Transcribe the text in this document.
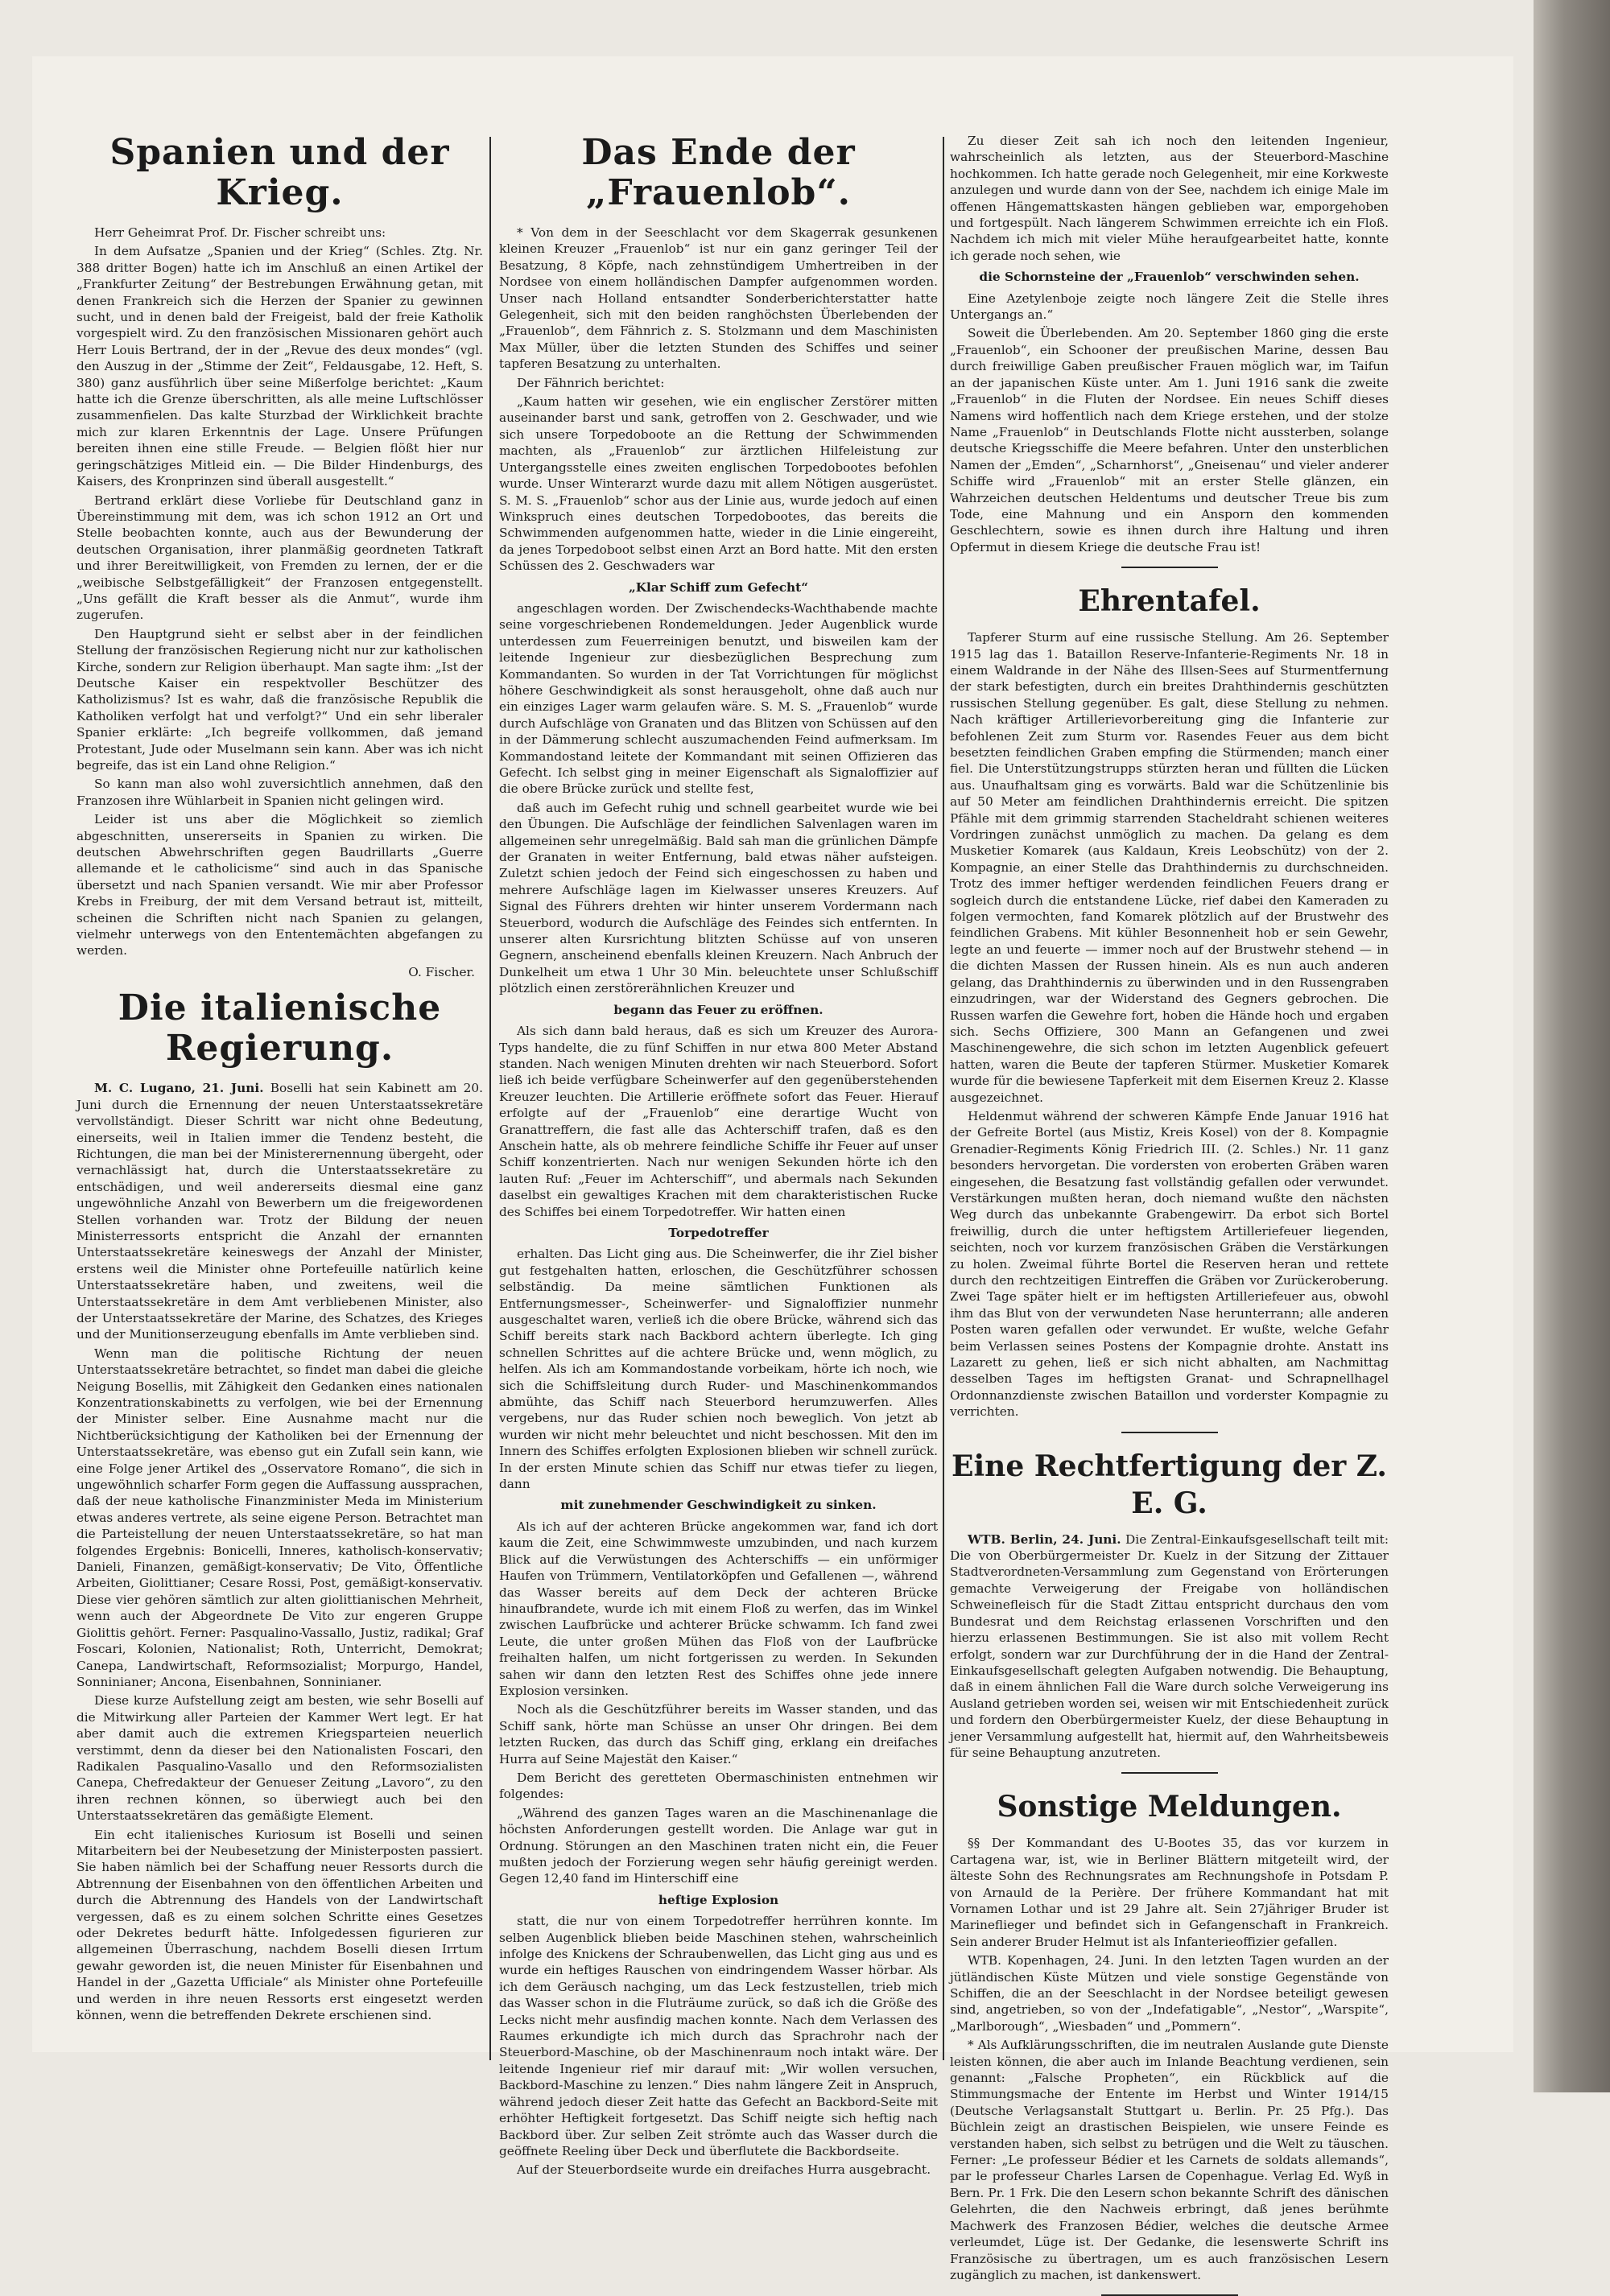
Spanien und der Krieg.

Herr Geheimrat Prof. Dr. Fischer schreibt uns:

In dem Aufsatze „Spanien und der Krieg“ (Schles. Ztg. Nr. 388 dritter Bogen) hatte ich im Anschluß an einen Artikel der „Frankfurter Zeitung“ der Bestrebungen Erwähnung getan, mit denen Frankreich sich die Herzen der Spanier zu gewinnen sucht, und in denen bald der Freigeist, bald der freie Katholik vorgespielt wird. Zu den französischen Missionaren gehört auch Herr Louis Bertrand, der in der „Revue des deux mondes“ (vgl. den Auszug in der „Stimme der Zeit“, Feldausgabe, 12. Heft, S. 380) ganz ausführlich über seine Mißerfolge berichtet: „Kaum hatte ich die Grenze überschritten, als alle meine Luftschlösser zusammenfielen. Das kalte Sturzbad der Wirklichkeit brachte mich zur klaren Erkenntnis der Lage. Unsere Prüfungen bereiten ihnen eine stille Freude. — Belgien flößt hier nur geringschätziges Mitleid ein. — Die Bilder Hindenburgs, des Kaisers, des Kronprinzen sind überall ausgestellt.“

Bertrand erklärt diese Vorliebe für Deutschland ganz in Übereinstimmung mit dem, was ich schon 1912 an Ort und Stelle beobachten konnte, auch aus der Bewunderung der deutschen Organisation, ihrer planmäßig geordneten Tatkraft und ihrer Bereitwilligkeit, von Fremden zu lernen, der er die „weibische Selbstgefälligkeit“ der Franzosen entgegenstellt. „Uns gefällt die Kraft besser als die Anmut“, wurde ihm zugerufen.

Den Hauptgrund sieht er selbst aber in der feindlichen Stellung der französischen Regierung nicht nur zur katholischen Kirche, sondern zur Religion überhaupt. Man sagte ihm: „Ist der Deutsche Kaiser ein respektvoller Beschützer des Katholizismus? Ist es wahr, daß die französische Republik die Katholiken verfolgt hat und verfolgt?“ Und ein sehr liberaler Spanier erklärte: „Ich begreife vollkommen, daß jemand Protestant, Jude oder Muselmann sein kann. Aber was ich nicht begreife, das ist ein Land ohne Religion.“

So kann man also wohl zuversichtlich annehmen, daß den Franzosen ihre Wühlarbeit in Spanien nicht gelingen wird.

Leider ist uns aber die Möglichkeit so ziemlich abgeschnitten, unsererseits in Spanien zu wirken. Die deutschen Abwehrschriften gegen Baudrillarts „Guerre allemande et le catholicisme“ sind auch in das Spanische übersetzt und nach Spanien versandt. Wie mir aber Professor Krebs in Freiburg, der mit dem Versand betraut ist, mitteilt, scheinen die Schriften nicht nach Spanien zu gelangen, vielmehr unterwegs von den Ententemächten abgefangen zu werden.

O. Fischer.

Die italienische Regierung.

M. C. Lugano, 21. Juni. Boselli hat sein Kabinett am 20. Juni durch die Ernennung der neuen Unterstaatssekretäre vervollständigt. Dieser Schritt war nicht ohne Bedeutung, einerseits, weil in Italien immer die Tendenz besteht, die Richtungen, die man bei der Ministerernennung übergeht, oder vernachlässigt hat, durch die Unterstaatssekretäre zu entschädigen, und weil andererseits diesmal eine ganz ungewöhnliche Anzahl von Bewerbern um die freigewordenen Stellen vorhanden war. Trotz der Bildung der neuen Ministerressorts entspricht die Anzahl der ernannten Unterstaatssekretäre keineswegs der Anzahl der Minister, erstens weil die Minister ohne Portefeuille natürlich keine Unterstaatssekretäre haben, und zweitens, weil die Unterstaatssekretäre in dem Amt verbliebenen Minister, also der Unterstaatssekretäre der Marine, des Schatzes, des Krieges und der Munitionserzeugung ebenfalls im Amte verblieben sind.

Wenn man die politische Richtung der neuen Unterstaatssekretäre betrachtet, so findet man dabei die gleiche Neigung Bosellis, mit Zähigkeit den Gedanken eines nationalen Konzentrationskabinetts zu verfolgen, wie bei der Ernennung der Minister selber. Eine Ausnahme macht nur die Nichtberücksichtigung der Katholiken bei der Ernennung der Unterstaatssekretäre, was ebenso gut ein Zufall sein kann, wie eine Folge jener Artikel des „Osservatore Romano“, die sich in ungewöhnlich scharfer Form gegen die Auffassung aussprachen, daß der neue katholische Finanzminister Meda im Ministerium etwas anderes vertrete, als seine eigene Person. Betrachtet man die Parteistellung der neuen Unterstaatssekretäre, so hat man folgendes Ergebnis: Bonicelli, Inneres, katholisch-konservativ; Danieli, Finanzen, gemäßigt-konservativ; De Vito, Öffentliche Arbeiten, Giolittianer; Cesare Rossi, Post, gemäßigt-konservativ. Diese vier gehören sämtlich zur alten giolittianischen Mehrheit, wenn auch der Abgeordnete De Vito zur engeren Gruppe Giolittis gehört. Ferner: Pasqualino-Vassallo, Justiz, radikal; Graf Foscari, Kolonien, Nationalist; Roth, Unterricht, Demokrat; Canepa, Landwirtschaft, Reformsozialist; Morpurgo, Handel, Sonninianer; Ancona, Eisenbahnen, Sonninianer.

Diese kurze Aufstellung zeigt am besten, wie sehr Boselli auf die Mitwirkung aller Parteien der Kammer Wert legt. Er hat aber damit auch die extremen Kriegsparteien neuerlich verstimmt, denn da dieser bei den Nationalisten Foscari, den Radikalen Pasqualino-Vasallo und den Reformsozialisten Canepa, Chefredakteur der Genueser Zeitung „Lavoro“, zu den ihren rechnen können, so überwiegt auch bei den Unterstaatssekretären das gemäßigte Element.

Ein echt italienisches Kuriosum ist Boselli und seinen Mitarbeitern bei der Neubesetzung der Ministerposten passiert. Sie haben nämlich bei der Schaffung neuer Ressorts durch die Abtrennung der Eisenbahnen von den öffentlichen Arbeiten und durch die Abtrennung des Handels von der Landwirtschaft vergessen, daß es zu einem solchen Schritte eines Gesetzes oder Dekretes bedurft hätte. Infolgedessen figurieren zur allgemeinen Überraschung, nachdem Boselli diesen Irrtum gewahr geworden ist, die neuen Minister für Eisenbahnen und Handel in der „Gazetta Ufficiale“ als Minister ohne Portefeuille und werden in ihre neuen Ressorts erst eingesetzt werden können, wenn die betreffenden Dekrete erschienen sind.

Das Ende der „Frauenlob“.

* Von dem in der Seeschlacht vor dem Skagerrak gesunkenen kleinen Kreuzer „Frauenlob“ ist nur ein ganz geringer Teil der Besatzung, 8 Köpfe, nach zehnstündigem Umhertreiben in der Nordsee von einem holländischen Dampfer aufgenommen worden. Unser nach Holland entsandter Sonderberichterstatter hatte Gelegenheit, sich mit den beiden ranghöchsten Überlebenden der „Frauenlob“, dem Fähnrich z. S. Stolzmann und dem Maschinisten Max Müller, über die letzten Stunden des Schiffes und seiner tapferen Besatzung zu unterhalten.

Der Fähnrich berichtet:

„Kaum hatten wir gesehen, wie ein englischer Zerstörer mitten auseinander barst und sank, getroffen von 2. Geschwader, und wie sich unsere Torpedoboote an die Rettung der Schwimmenden machten, als „Frauenlob“ zur ärztlichen Hilfeleistung zur Untergangsstelle eines zweiten englischen Torpedobootes befohlen wurde. Unser Winterarzt wurde dazu mit allem Nötigen ausgerüstet. S. M. S. „Frauenlob“ schor aus der Linie aus, wurde jedoch auf einen Winkspruch eines deutschen Torpedobootes, das bereits die Schwimmenden aufgenommen hatte, wieder in die Linie eingereiht, da jenes Torpedoboot selbst einen Arzt an Bord hatte. Mit den ersten Schüssen des 2. Geschwaders war

„Klar Schiff zum Gefecht“

angeschlagen worden. Der Zwischendecks-Wachthabende machte seine vorgeschriebenen Rondemeldungen. Jeder Augenblick wurde unterdessen zum Feuerreinigen benutzt, und bisweilen kam der leitende Ingenieur zur diesbezüglichen Besprechung zum Kommandanten. So wurden in der Tat Vorrichtungen für möglichst höhere Geschwindigkeit als sonst herausgeholt, ohne daß auch nur ein einziges Lager warm gelaufen wäre. S. M. S. „Frauenlob“ wurde durch Aufschläge von Granaten und das Blitzen von Schüssen auf den in der Dämmerung schlecht auszumachenden Feind aufmerksam. Im Kommandostand leitete der Kommandant mit seinen Offizieren das Gefecht. Ich selbst ging in meiner Eigenschaft als Signaloffizier auf die obere Brücke zurück und stellte fest,

daß auch im Gefecht ruhig und schnell gearbeitet wurde wie bei den Übungen. Die Aufschläge der feindlichen Salvenlagen waren im allgemeinen sehr unregelmäßig. Bald sah man die grünlichen Dämpfe der Granaten in weiter Entfernung, bald etwas näher aufsteigen. Zuletzt schien jedoch der Feind sich eingeschossen zu haben und mehrere Aufschläge lagen im Kielwasser unseres Kreuzers. Auf Signal des Führers drehten wir hinter unserem Vordermann nach Steuerbord, wodurch die Aufschläge des Feindes sich entfernten. In unserer alten Kursrichtung blitzten Schüsse auf von unseren Gegnern, anscheinend ebenfalls kleinen Kreuzern. Nach Anbruch der Dunkelheit um etwa 1 Uhr 30 Min. beleuchtete unser Schlußschiff plötzlich einen zerstörerähnlichen Kreuzer und

begann das Feuer zu eröffnen.

Als sich dann bald heraus, daß es sich um Kreuzer des Aurora-Typs handelte, die zu fünf Schiffen in nur etwa 800 Meter Abstand standen. Nach wenigen Minuten drehten wir nach Steuerbord. Sofort ließ ich beide verfügbare Scheinwerfer auf den gegenüberstehenden Kreuzer leuchten. Die Artillerie eröffnete sofort das Feuer. Hierauf erfolgte auf der „Frauenlob“ eine derartige Wucht von Granattreffern, die fast alle das Achterschiff trafen, daß es den Anschein hatte, als ob mehrere feindliche Schiffe ihr Feuer auf unser Schiff konzentrierten. Nach nur wenigen Sekunden hörte ich den lauten Ruf: „Feuer im Achterschiff“, und abermals nach Sekunden daselbst ein gewaltiges Krachen mit dem charakteristischen Rucke des Schiffes bei einem Torpedotreffer. Wir hatten einen

Torpedotreffer

erhalten. Das Licht ging aus. Die Scheinwerfer, die ihr Ziel bisher gut festgehalten hatten, erloschen, die Geschützführer schossen selbständig. Da meine sämtlichen Funktionen als Entfernungsmesser-, Scheinwerfer- und Signaloffizier nunmehr ausgeschaltet waren, verließ ich die obere Brücke, während sich das Schiff bereits stark nach Backbord achtern überlegte. Ich ging schnellen Schrittes auf die achtere Brücke und, wenn möglich, zu helfen. Als ich am Kommandostande vorbeikam, hörte ich noch, wie sich die Schiffsleitung durch Ruder- und Maschinenkommandos abmühte, das Schiff nach Steuerbord herumzuwerfen. Alles vergebens, nur das Ruder schien noch beweglich. Von jetzt ab wurden wir nicht mehr beleuchtet und nicht beschossen. Mit den im Innern des Schiffes erfolgten Explosionen blieben wir schnell zurück. In der ersten Minute schien das Schiff nur etwas tiefer zu liegen, dann

mit zunehmender Geschwindigkeit zu sinken.

Als ich auf der achteren Brücke angekommen war, fand ich dort kaum die Zeit, eine Schwimmweste umzubinden, und nach kurzem Blick auf die Verwüstungen des Achterschiffs — ein unförmiger Haufen von Trümmern, Ventilatorköpfen und Gefallenen —, während das Wasser bereits auf dem Deck der achteren Brücke hinaufbrandete, wurde ich mit einem Floß zu werfen, das im Winkel zwischen Laufbrücke und achterer Brücke schwamm. Ich fand zwei Leute, die unter großen Mühen das Floß von der Laufbrücke freihalten halfen, um nicht fortgerissen zu werden. In Sekunden sahen wir dann den letzten Rest des Schiffes ohne jede innere Explosion versinken.

Noch als die Geschützführer bereits im Wasser standen, und das Schiff sank, hörte man Schüsse an unser Ohr dringen. Bei dem letzten Rucken, das durch das Schiff ging, erklang ein dreifaches Hurra auf Seine Majestät den Kaiser.“

Dem Bericht des geretteten Obermaschinisten entnehmen wir folgendes:

„Während des ganzen Tages waren an die Maschinenanlage die höchsten Anforderungen gestellt worden. Die Anlage war gut in Ordnung. Störungen an den Maschinen traten nicht ein, die Feuer mußten jedoch der Forzierung wegen sehr häufig gereinigt werden. Gegen 12,40 fand im Hinterschiff eine

heftige Explosion

statt, die nur von einem Torpedotreffer herrühren konnte. Im selben Augenblick blieben beide Maschinen stehen, wahrscheinlich infolge des Knickens der Schraubenwellen, das Licht ging aus und es wurde ein heftiges Rauschen von eindringendem Wasser hörbar. Als ich dem Geräusch nachging, um das Leck festzustellen, trieb mich das Wasser schon in die Fluträume zurück, so daß ich die Größe des Lecks nicht mehr ausfindig machen konnte. Nach dem Verlassen des Raumes erkundigte ich mich durch das Sprachrohr nach der Steuerbord-Maschine, ob der Maschinenraum noch intakt wäre. Der leitende Ingenieur rief mir darauf mit: „Wir wollen versuchen, Backbord-Maschine zu lenzen.“ Dies nahm längere Zeit in Anspruch, während jedoch dieser Zeit hatte das Gefecht an Backbord-Seite mit erhöhter Heftigkeit fortgesetzt. Das Schiff neigte sich heftig nach Backbord über. Zur selben Zeit strömte auch das Wasser durch die geöffnete Reeling über Deck und überflutete die Backbordseite.

Auf der Steuerbordseite wurde ein dreifaches Hurra ausgebracht.

Zu dieser Zeit sah ich noch den leitenden Ingenieur, wahrscheinlich als letzten, aus der Steuerbord-Maschine hochkommen. Ich hatte gerade noch Gelegenheit, mir eine Korkweste anzulegen und wurde dann von der See, nachdem ich einige Male im offenen Hängemattskasten hängen geblieben war, emporgehoben und fortgespült. Nach längerem Schwimmen erreichte ich ein Floß. Nachdem ich mich mit vieler Mühe heraufgearbeitet hatte, konnte ich gerade noch sehen, wie

die Schornsteine der „Frauenlob“ verschwinden sehen.

Eine Azetylenboje zeigte noch längere Zeit die Stelle ihres Untergangs an.“

Soweit die Überlebenden. Am 20. September 1860 ging die erste „Frauenlob“, ein Schooner der preußischen Marine, dessen Bau durch freiwillige Gaben preußischer Frauen möglich war, im Taifun an der japanischen Küste unter. Am 1. Juni 1916 sank die zweite „Frauenlob“ in die Fluten der Nordsee. Ein neues Schiff dieses Namens wird hoffentlich nach dem Kriege erstehen, und der stolze Name „Frauenlob“ in Deutschlands Flotte nicht aussterben, solange deutsche Kriegsschiffe die Meere befahren. Unter den unsterblichen Namen der „Emden“, „Scharnhorst“, „Gneisenau“ und vieler anderer Schiffe wird „Frauenlob“ mit an erster Stelle glänzen, ein Wahrzeichen deutschen Heldentums und deutscher Treue bis zum Tode, eine Mahnung und ein Ansporn den kommenden Geschlechtern, sowie es ihnen durch ihre Haltung und ihren Opfermut in diesem Kriege die deutsche Frau ist!

Ehrentafel.

Tapferer Sturm auf eine russische Stellung. Am 26. September 1915 lag das 1. Bataillon Reserve-Infanterie-Regiments Nr. 18 in einem Waldrande in der Nähe des Illsen-Sees auf Sturmentfernung der stark befestigten, durch ein breites Drahthindernis geschützten russischen Stellung gegenüber. Es galt, diese Stellung zu nehmen. Nach kräftiger Artillerievorbereitung ging die Infanterie zur befohlenen Zeit zum Sturm vor. Rasendes Feuer aus dem bicht besetzten feindlichen Graben empfing die Stürmenden; manch einer fiel. Die Unterstützungstrupps stürzten heran und füllten die Lücken aus. Unaufhaltsam ging es vorwärts. Bald war die Schützenlinie bis auf 50 Meter am feindlichen Drahthindernis erreicht. Die spitzen Pfähle mit dem grimmig starrenden Stacheldraht schienen weiteres Vordringen zunächst unmöglich zu machen. Da gelang es dem Musketier Komarek (aus Kaldaun, Kreis Leobschütz) von der 2. Kompagnie, an einer Stelle das Drahthindernis zu durchschneiden. Trotz des immer heftiger werdenden feindlichen Feuers drang er sogleich durch die entstandene Lücke, rief dabei den Kameraden zu folgen vermochten, fand Komarek plötzlich auf der Brustwehr des feindlichen Grabens. Mit kühler Besonnenheit hob er sein Gewehr, legte an und feuerte — immer noch auf der Brustwehr stehend — in die dichten Massen der Russen hinein. Als es nun auch anderen gelang, das Drahthindernis zu überwinden und in den Russengraben einzudringen, war der Widerstand des Gegners gebrochen. Die Russen warfen die Gewehre fort, hoben die Hände hoch und ergaben sich. Sechs Offiziere, 300 Mann an Gefangenen und zwei Maschinengewehre, die sich schon im letzten Augenblick gefeuert hatten, waren die Beute der tapferen Stürmer. Musketier Komarek wurde für die bewiesene Tapferkeit mit dem Eisernen Kreuz 2. Klasse ausgezeichnet.

Heldenmut während der schweren Kämpfe Ende Januar 1916 hat der Gefreite Bortel (aus Mistiz, Kreis Kosel) von der 8. Kompagnie Grenadier-Regiments König Friedrich III. (2. Schles.) Nr. 11 ganz besonders hervorgetan. Die vordersten von eroberten Gräben waren eingesehen, die Besatzung fast vollständig gefallen oder verwundet. Verstärkungen mußten heran, doch niemand wußte den nächsten Weg durch das unbekannte Grabengewirr. Da erbot sich Bortel freiwillig, durch die unter heftigstem Artilleriefeuer liegenden, seichten, noch vor kurzem französischen Gräben die Verstärkungen zu holen. Zweimal führte Bortel die Reserven heran und rettete durch den rechtzeitigen Eintreffen die Gräben vor Zurückeroberung. Zwei Tage später hielt er im heftigsten Artilleriefeuer aus, obwohl ihm das Blut von der verwundeten Nase herunterrann; alle anderen Posten waren gefallen oder verwundet. Er wußte, welche Gefahr beim Verlassen seines Postens der Kompagnie drohte. Anstatt ins Lazarett zu gehen, ließ er sich nicht abhalten, am Nachmittag desselben Tages im heftigsten Granat- und Schrapnellhagel Ordonnanzdienste zwischen Bataillon und vorderster Kompagnie zu verrichten.

Eine Rechtfertigung der Z. E. G.

WTB. Berlin, 24. Juni. Die Zentral-Einkaufsgesellschaft teilt mit: Die von Oberbürgermeister Dr. Kuelz in der Sitzung der Zittauer Stadtverordneten-Versammlung zum Gegenstand von Erörterungen gemachte Verweigerung der Freigabe von holländischen Schweinefleisch für die Stadt Zittau entspricht durchaus den vom Bundesrat und dem Reichstag erlassenen Vorschriften und den hierzu erlassenen Bestimmungen. Sie ist also mit vollem Recht erfolgt, sondern war zur Durchführung der in die Hand der Zentral-Einkaufsgesellschaft gelegten Aufgaben notwendig. Die Behauptung, daß in einem ähnlichen Fall die Ware durch solche Verweigerung ins Ausland getrieben worden sei, weisen wir mit Entschiedenheit zurück und fordern den Oberbürgermeister Kuelz, der diese Behauptung in jener Versammlung aufgestellt hat, hiermit auf, den Wahrheitsbeweis für seine Behauptung anzutreten.

Sonstige Meldungen.

§§ Der Kommandant des U-Bootes 35, das vor kurzem in Cartagena war, ist, wie in Berliner Blättern mitgeteilt wird, der älteste Sohn des Rechnungsrates am Rechnungshofe in Potsdam P. von Arnauld de la Perière. Der frühere Kommandant hat mit Vornamen Lothar und ist 29 Jahre alt. Sein 27jähriger Bruder ist Marineflieger und befindet sich in Gefangenschaft in Frankreich. Sein anderer Bruder Helmut ist als Infanterieoffizier gefallen.

WTB. Kopenhagen, 24. Juni. In den letzten Tagen wurden an der jütländischen Küste Mützen und viele sonstige Gegenstände von Schiffen, die an der Seeschlacht in der Nordsee beteiligt gewesen sind, angetrieben, so von der „Indefatigable“, „Nestor“, „Warspite“, „Marlborough“, „Wiesbaden“ und „Pommern“.

* Als Aufklärungsschriften, die im neutralen Auslande gute Dienste leisten können, die aber auch im Inlande Beachtung verdienen, sein genannt: „Falsche Propheten“, ein Rückblick auf die Stimmungsmache der Entente im Herbst und Winter 1914/15 (Deutsche Verlagsanstalt Stuttgart u. Berlin. Pr. 25 Pfg.). Das Büchlein zeigt an drastischen Beispielen, wie unsere Feinde es verstanden haben, sich selbst zu betrügen und die Welt zu täuschen. Ferner: „Le professeur Bédier et les Carnets de soldats allemands“, par le professeur Charles Larsen de Copenhague. Verlag Ed. Wyß in Bern. Pr. 1 Frk. Die den Lesern schon bekannte Schrift des dänischen Gelehrten, die den Nachweis erbringt, daß jenes berühmte Machwerk des Franzosen Bédier, welches die deutsche Armee verleumdet, Lüge ist. Der Gedanke, die lesenswerte Schrift ins Französische zu übertragen, um es auch französischen Lesern zugänglich zu machen, ist dankenswert.
